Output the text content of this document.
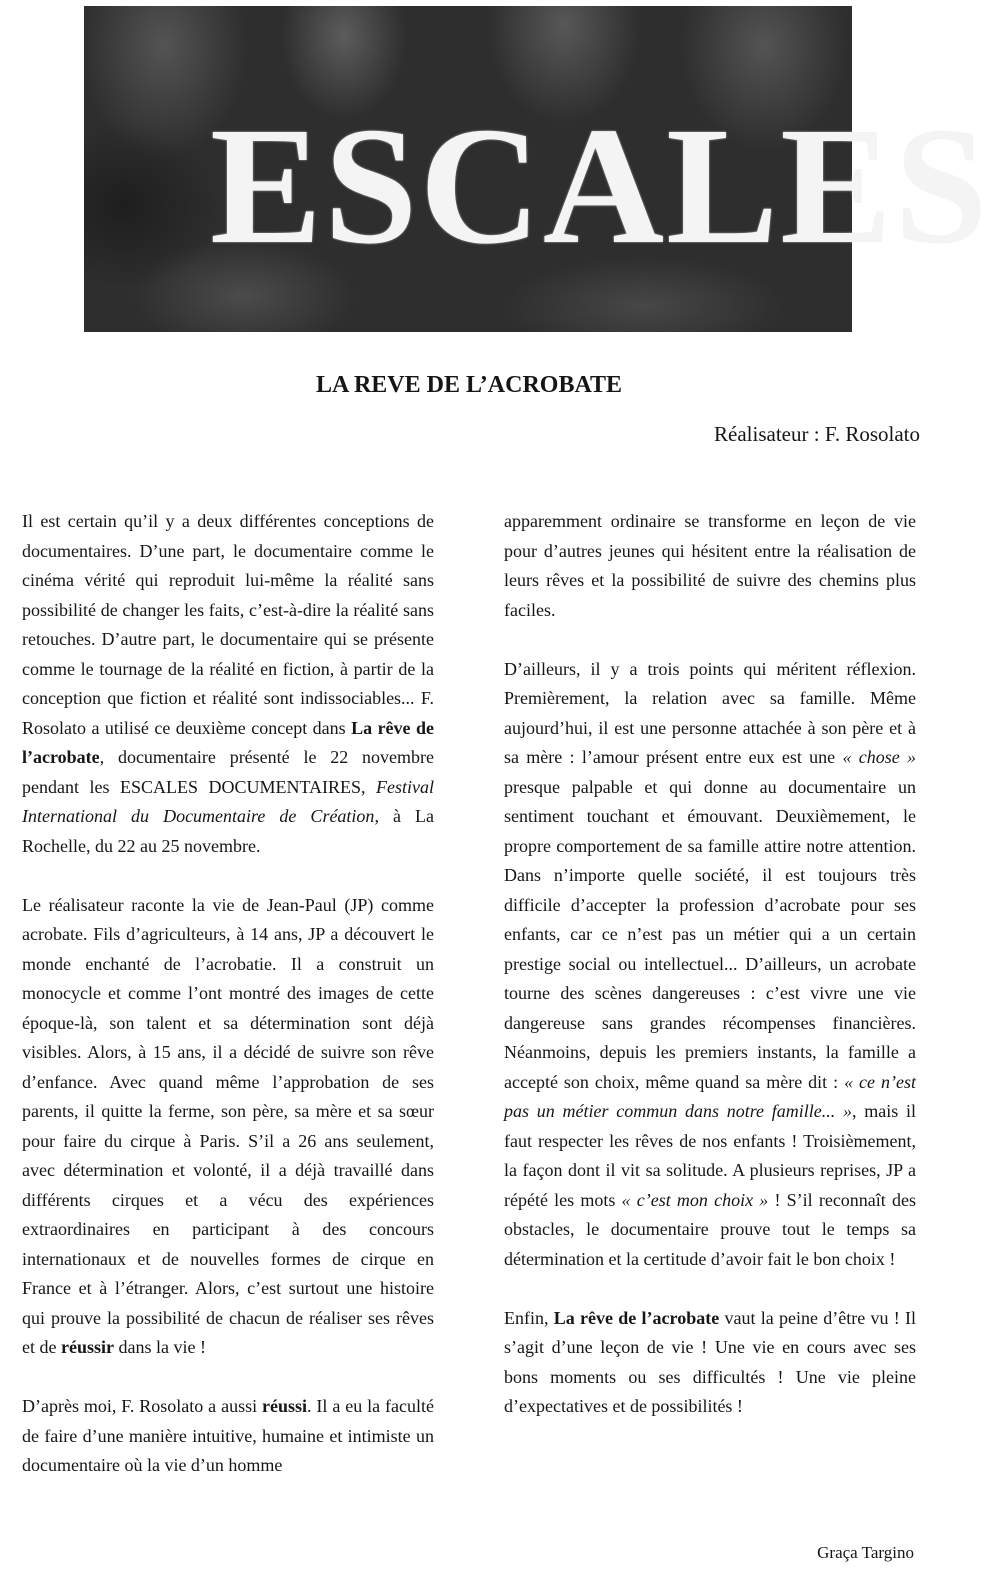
ESCALES
LA REVE DE L’ACROBATE
Réalisateur : F. Rosolato

Il est certain qu’il y a deux différentes conceptions de documentaires. D’une part, le documentaire comme le cinéma vérité qui reproduit lui-même la réalité sans possibilité de changer les faits, c’est-à-dire la réalité sans retouches. D’autre part, le documentaire qui se présente comme le tournage de la réalité en fiction, à partir de la conception que fiction et réalité sont indissociables... F. Rosolato a utilisé ce deuxième concept dans La rêve de l’acrobate, documentaire présenté le 22 novembre pendant les ESCALES DOCUMENTAIRES, Festival International du Documentaire de Création, à La Rochelle, du 22 au 25 novembre.

Le réalisateur raconte la vie de Jean-Paul (JP) comme acrobate. Fils d’agriculteurs, à 14 ans, JP a découvert le monde enchanté de l’acrobatie. Il a construit un monocycle et comme l’ont montré des images de cette époque-là, son talent et sa détermination sont déjà visibles. Alors, à 15 ans, il a décidé de suivre son rêve d’enfance. Avec quand même l’approbation de ses parents, il quitte la ferme, son père, sa mère et sa sœur pour faire du cirque à Paris. S’il a 26 ans seulement, avec détermination et volonté, il a déjà travaillé dans différents cirques et a vécu des expériences extraordinaires en participant à des concours internationaux et de nouvelles formes de cirque en France et à l’étranger. Alors, c’est surtout une histoire qui prouve la possibilité de chacun de réaliser ses rêves et de réussir dans la vie !

D’après moi, F. Rosolato a aussi réussi. Il a eu la faculté de faire d’une manière intuitive, humaine et intimiste un documentaire où la vie d’un homme

apparemment ordinaire se transforme en leçon de vie pour d’autres jeunes qui hésitent entre la réalisation de leurs rêves et la possibilité de suivre des chemins plus faciles.

D’ailleurs, il y a trois points qui méritent réflexion. Premièrement, la relation avec sa famille. Même aujourd’hui, il est une personne attachée à son père et à sa mère : l’amour présent entre eux est une « chose » presque palpable et qui donne au documentaire un sentiment touchant et émouvant. Deuxièmement, le propre comportement de sa famille attire notre attention. Dans n’importe quelle société, il est toujours très difficile d’accepter la profession d’acrobate pour ses enfants, car ce n’est pas un métier qui a un certain prestige social ou intellectuel... D’ailleurs, un acrobate tourne des scènes dangereuses : c’est vivre une vie dangereuse sans grandes récompenses financières. Néanmoins, depuis les premiers instants, la famille a accepté son choix, même quand sa mère dit : « ce n’est pas un métier commun dans notre famille... », mais il faut respecter les rêves de nos enfants ! Troisièmement, la façon dont il vit sa solitude. A plusieurs reprises, JP a répété les mots « c’est mon choix » ! S’il reconnaît des obstacles, le documentaire prouve tout le temps sa détermination et la certitude d’avoir fait le bon choix !

Enfin, La rêve de l’acrobate vaut la peine d’être vu ! Il s’agit d’une leçon de vie ! Une vie en cours avec ses bons moments ou ses difficultés ! Une vie pleine d’expectatives et de possibilités !

Graça Targino
